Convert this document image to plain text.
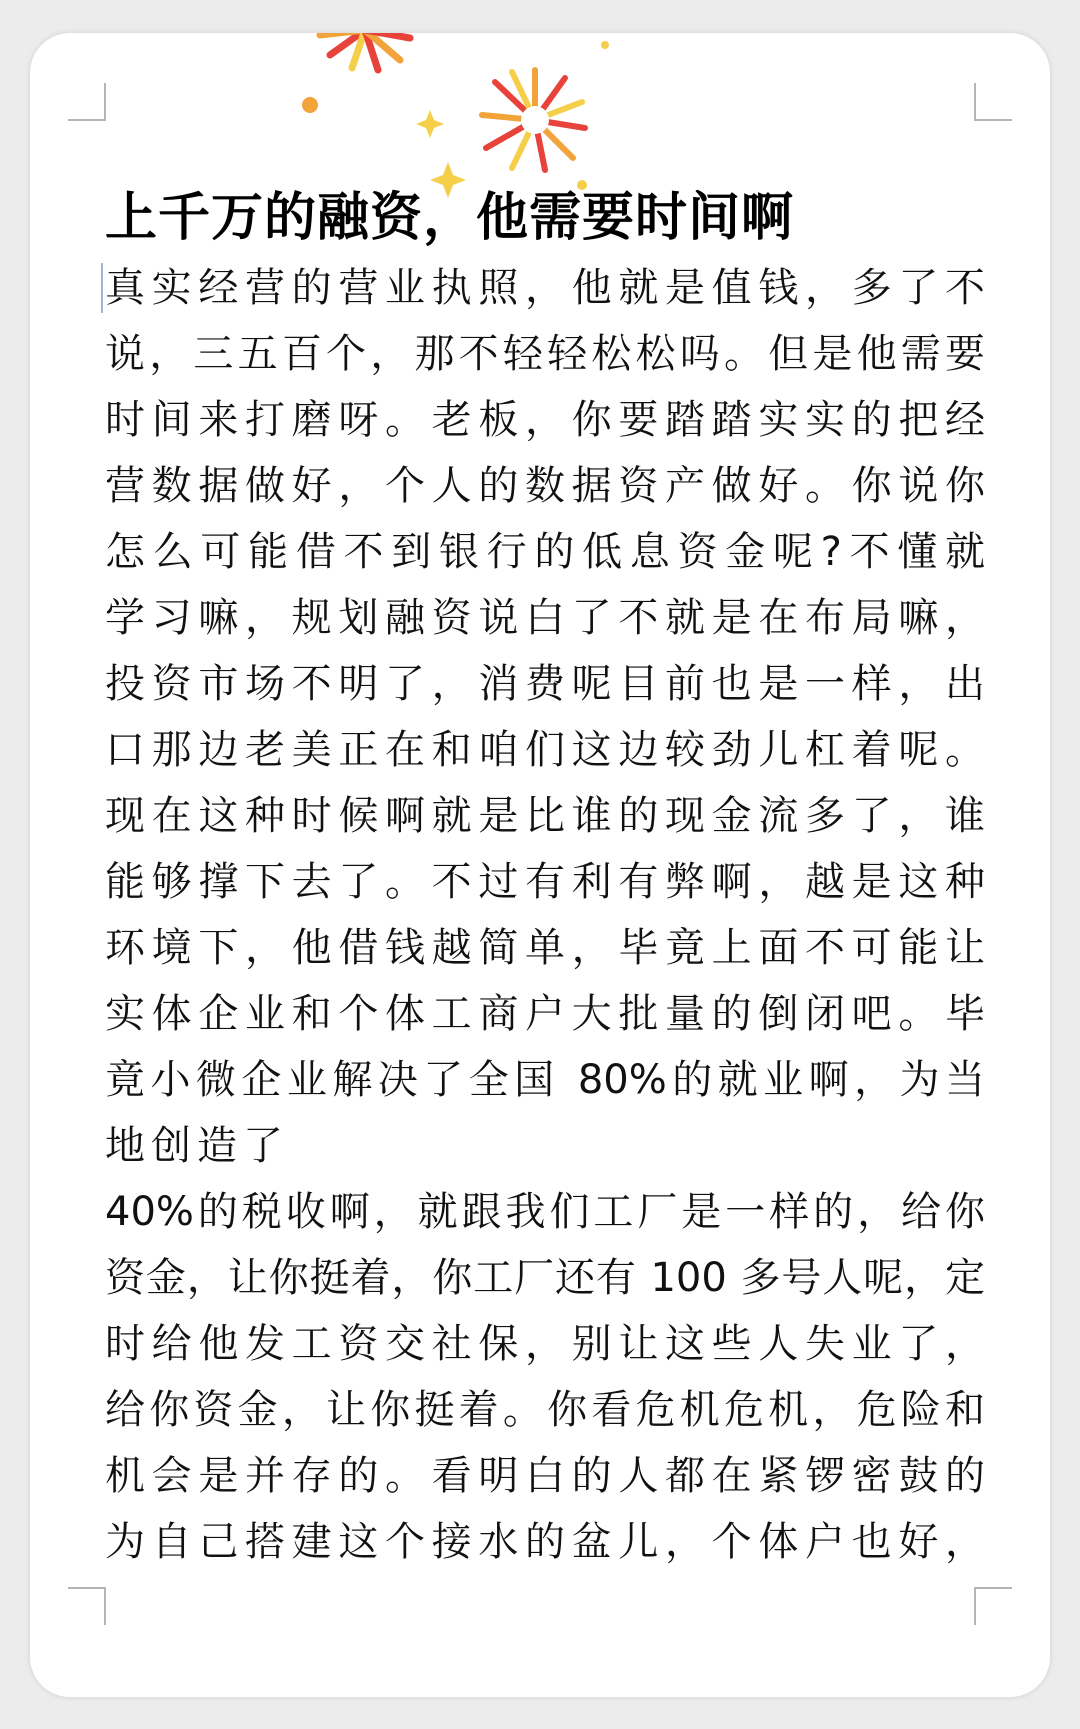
上千万的融资，他需要时间啊
真实经营的营业执照，他就是值钱，多了不
说，三五百个，那不轻轻松松吗。但是他需要
时间来打磨呀。老板，你要踏踏实实的把经
营数据做好，个人的数据资产做好。你说你
怎么可能借不到银行的低息资金呢?不懂就
学习嘛，规划融资说白了不就是在布局嘛，
投资市场不明了，消费呢目前也是一样，出
口那边老美正在和咱们这边较劲儿杠着呢。
现在这种时候啊就是比谁的现金流多了，谁
能够撑下去了。不过有利有弊啊，越是这种
环境下，他借钱越简单，毕竟上面不可能让
实体企业和个体工商户大批量的倒闭吧。毕
竟小微企业解决了全国 80%的就业啊，为当
地创造了
40%的税收啊，就跟我们工厂是一样的，给你
资金，让你挺着，你工厂还有 100 多号人呢，定
时给他发工资交社保，别让这些人失业了，
给你资金，让你挺着。你看危机危机，危险和
机会是并存的。看明白的人都在紧锣密鼓的
为自己搭建这个接水的盆儿，个体户也好，
